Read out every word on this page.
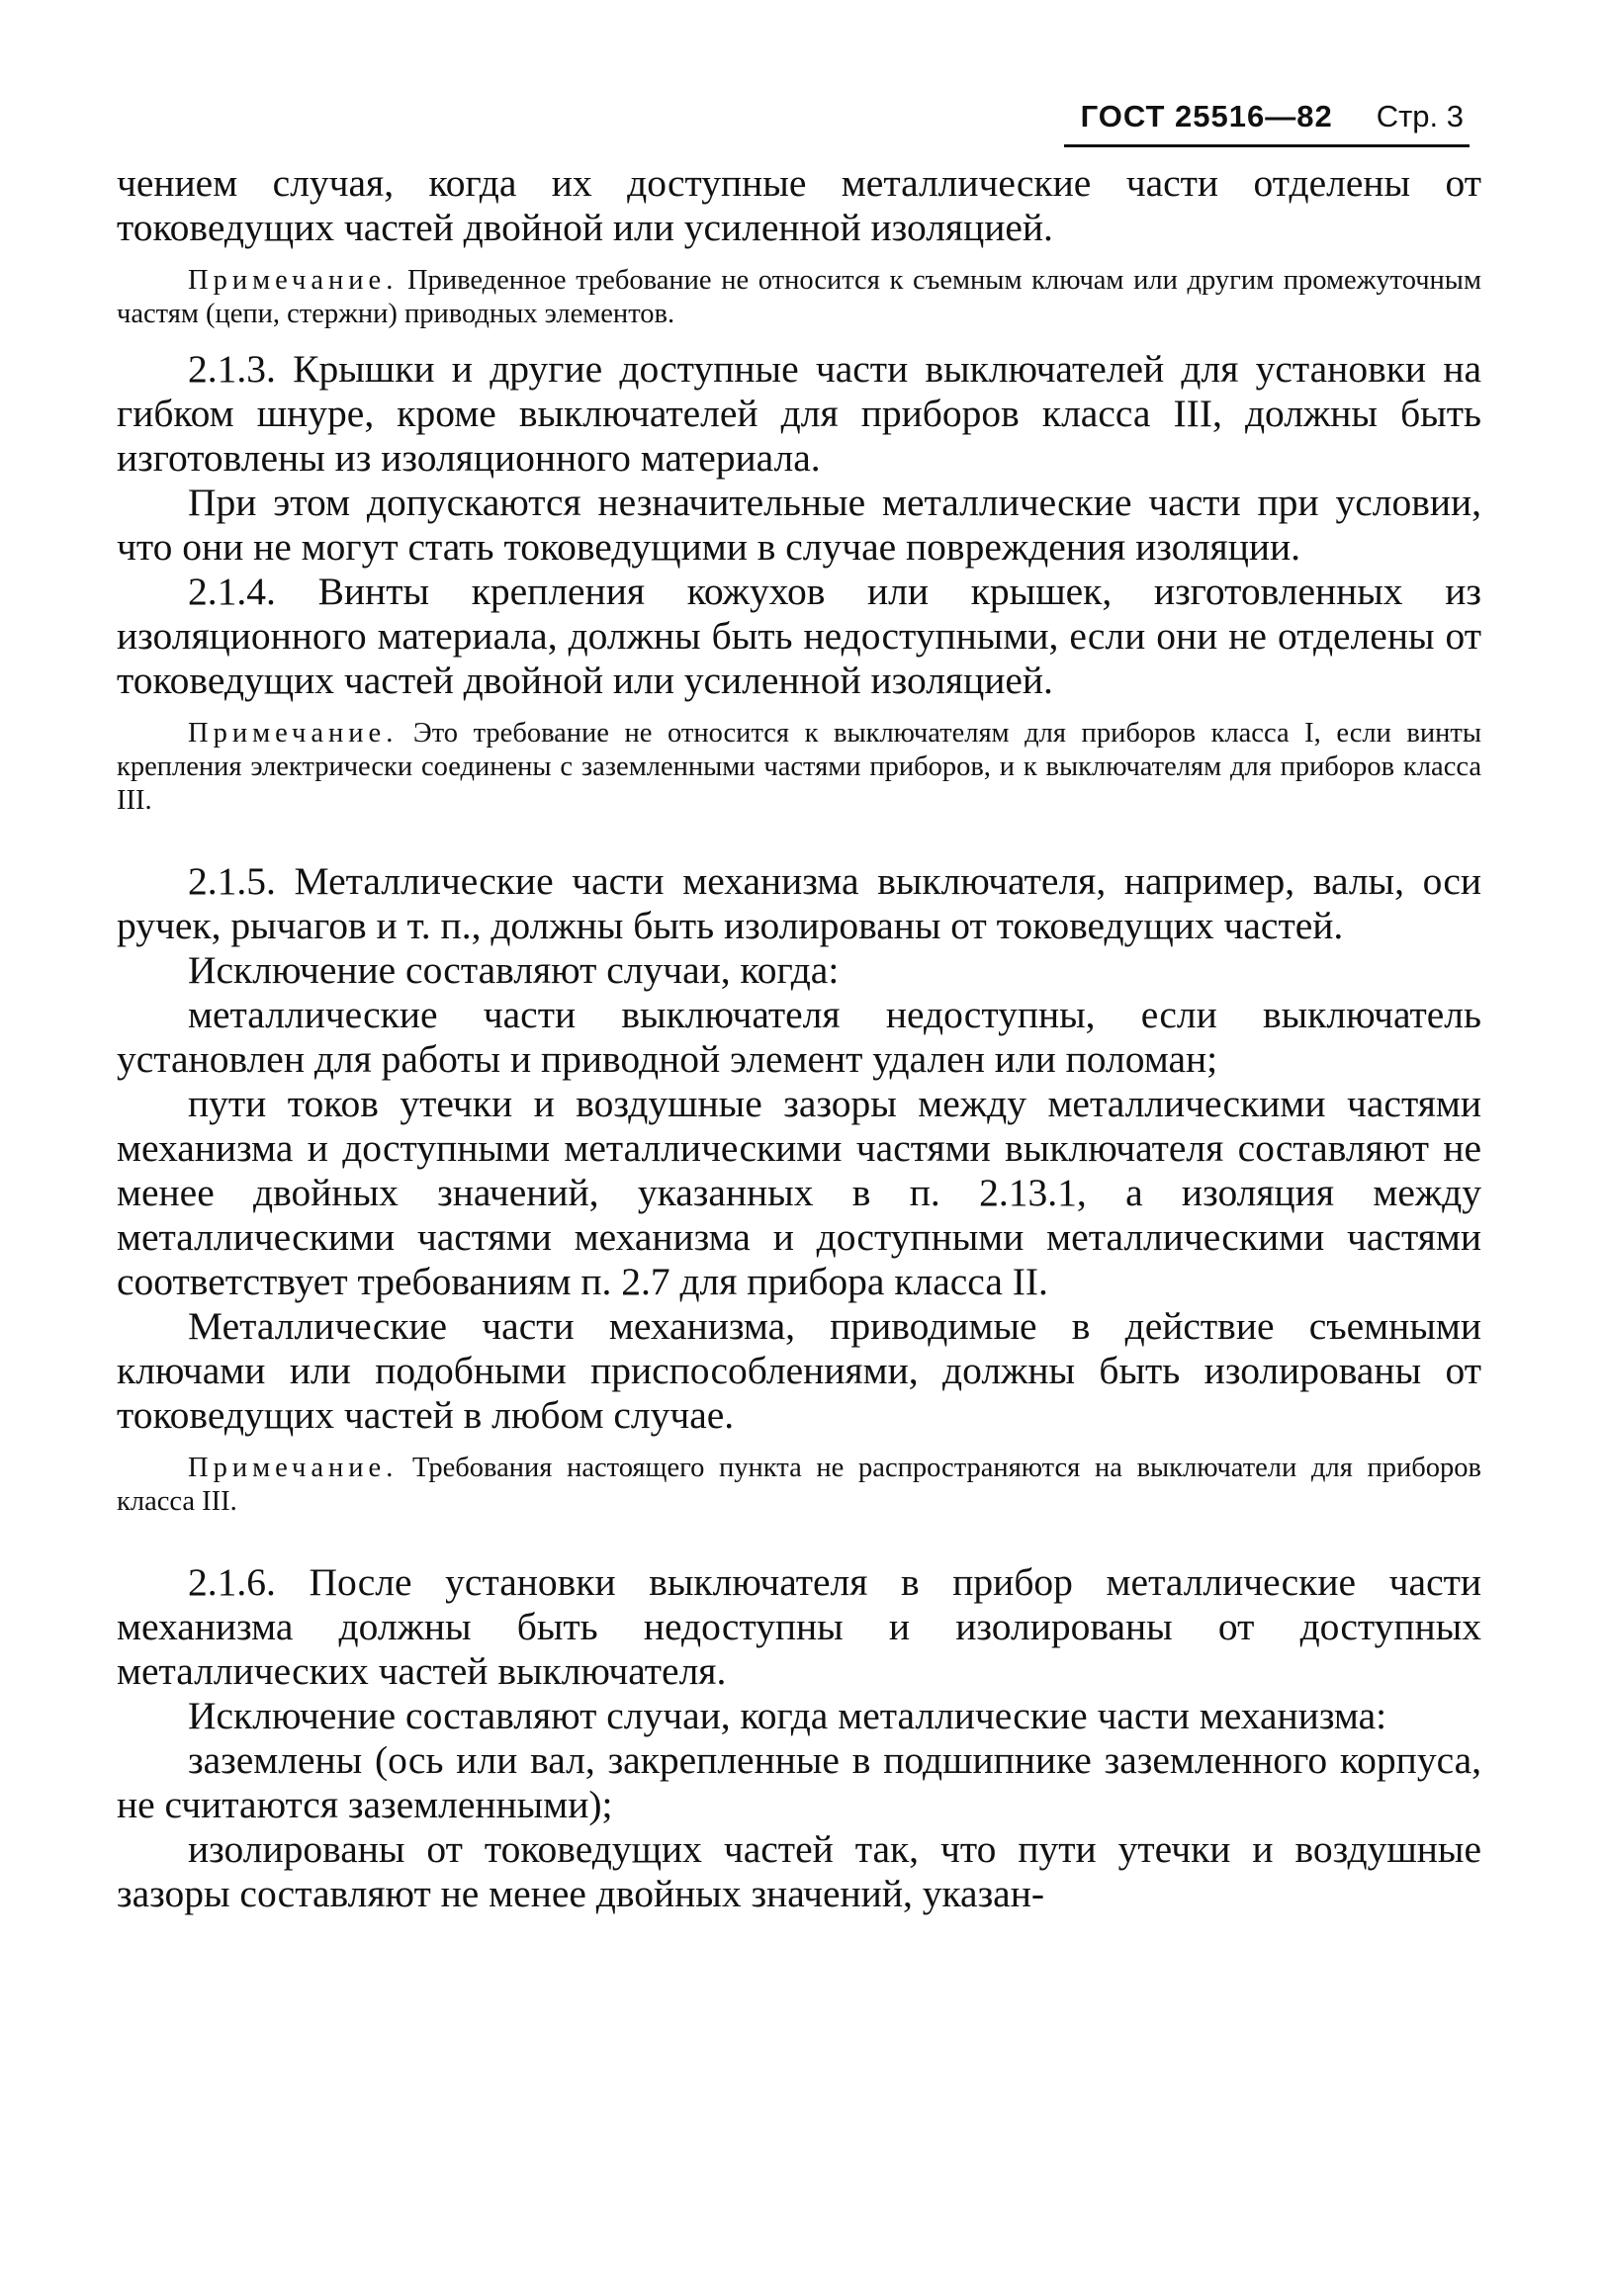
ГОСТ 25516—82 Стр. 3

чением случая, когда их доступные металлические части отделены от токоведущих частей двойной или усиленной изоляцией.

Примечание. Приведенное требование не относится к съемным ключам или другим промежуточным частям (цепи, стержни) приводных элементов.

2.1.3. Крышки и другие доступные части выключателей для установки на гибком шнуре, кроме выключателей для приборов класса III, должны быть изготовлены из изоляционного материала.

При этом допускаются незначительные металлические части при условии, что они не могут стать токоведущими в случае повреждения изоляции.

2.1.4. Винты крепления кожухов или крышек, изготовленных из изоляционного материала, должны быть недоступными, если они не отделены от токоведущих частей двойной или усиленной изоляцией.

Примечание. Это требование не относится к выключателям для приборов класса I, если винты крепления электрически соединены с заземленными частями приборов, и к выключателям для приборов класса III.

2.1.5. Металлические части механизма выключателя, например, валы, оси ручек, рычагов и т. п., должны быть изолированы от токоведущих частей.

Исключение составляют случаи, когда:

металлические части выключателя недоступны, если выключатель установлен для работы и приводной элемент удален или поломан;

пути токов утечки и воздушные зазоры между металлическими частями механизма и доступными металлическими частями выключателя составляют не менее двойных значений, указанных в п. 2.13.1, а изоляция между металлическими частями механизма и доступными металлическими частями соответствует требованиям п. 2.7 для прибора класса II.

Металлические части механизма, приводимые в действие съемными ключами или подобными приспособлениями, должны быть изолированы от токоведущих частей в любом случае.

Примечание. Требования настоящего пункта не распространяются на выключатели для приборов класса III.

2.1.6. После установки выключателя в прибор металлические части механизма должны быть недоступны и изолированы от доступных металлических частей выключателя.

Исключение составляют случаи, когда металлические части механизма:

заземлены (ось или вал, закрепленные в подшипнике заземленного корпуса, не считаются заземленными);

изолированы от токоведущих частей так, что пути утечки и воздушные зазоры составляют не менее двойных значений, указан-
